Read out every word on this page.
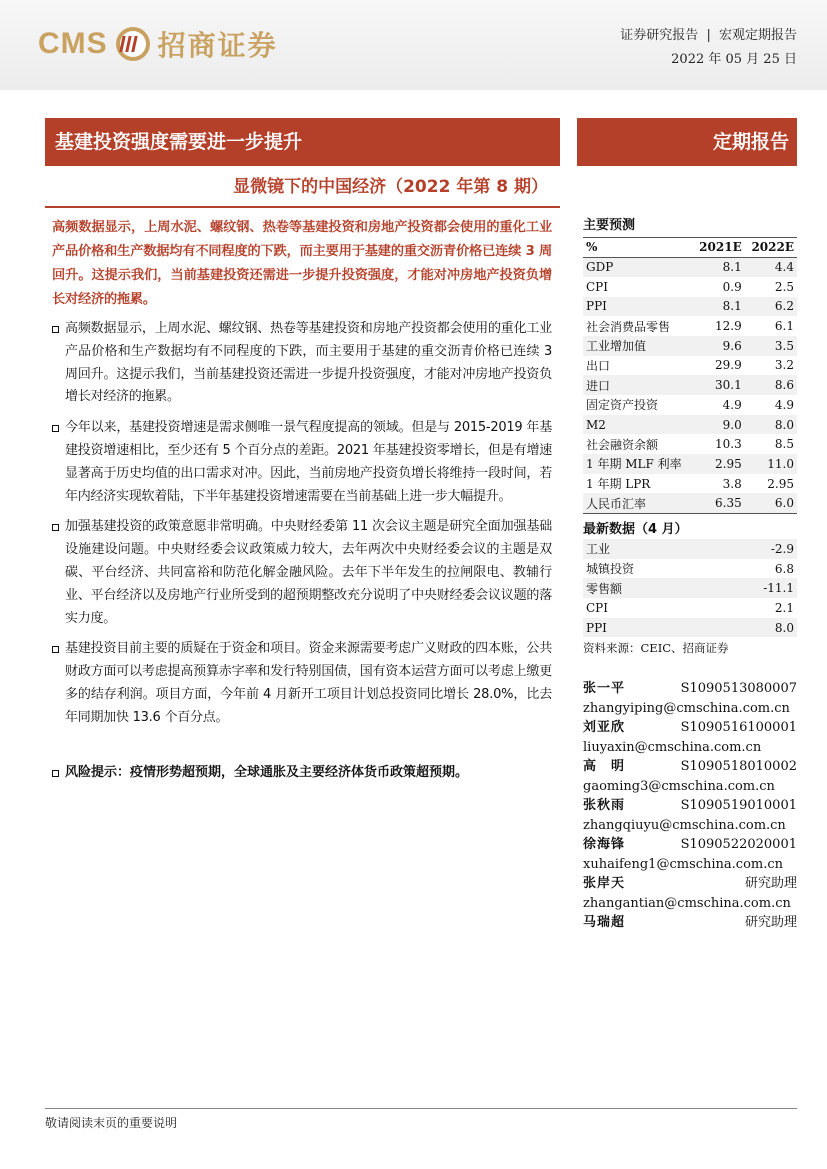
CMS 招商证券	证券研究报告 | 宏观定期报告
2022 年 05 月 25 日
基建投资强度需要进一步提升	定期报告
显微镜下的中国经济（2022 年第 8 期）
高频数据显示，上周水泥、螺纹钢、热卷等基建投资和房地产投资都会使用的重化工业产品价格和生产数据均有不同程度的下跌，而主要用于基建的重交沥青价格已连续 3 周回升。这提示我们，当前基建投资还需进一步提升投资强度，才能对冲房地产投资负增长对经济的拖累。
高频数据显示，上周水泥、螺纹钢、热卷等基建投资和房地产投资都会使用的重化工业产品价格和生产数据均有不同程度的下跌，而主要用于基建的重交沥青价格已连续 3 周回升。这提示我们，当前基建投资还需进一步提升投资强度，才能对冲房地产投资负增长对经济的拖累。
今年以来，基建投资增速是需求侧唯一景气程度提高的领域。但是与 2015-2019 年基建投资增速相比，至少还有 5 个百分点的差距。2021 年基建投资零增长，但是有增速显著高于历史均值的出口需求对冲。因此，当前房地产投资负增长将维持一段时间，若年内经济实现软着陆，下半年基建投资增速需要在当前基础上进一步大幅提升。
加强基建投资的政策意愿非常明确。中央财经委第 11 次会议主题是研究全面加强基础设施建设问题。中央财经委会议政策威力较大，去年两次中央财经委会议的主题是双碳、平台经济、共同富裕和防范化解金融风险。去年下半年发生的拉闸限电、教辅行业、平台经济以及房地产行业所受到的超预期整改充分说明了中央财经委会议议题的落实力度。
基建投资目前主要的质疑在于资金和项目。资金来源需要考虑广义财政的四本账，公共财政方面可以考虑提高预算赤字率和发行特别国债，国有资本运营方面可以考虑上缴更多的结存利润。项目方面，今年前 4 月新开工项目计划总投资同比增长 28.0%，比去年同期加快 13.6 个百分点。
风险提示：疫情形势超预期，全球通胀及主要经济体货币政策超预期。
主要预测
%	2021E	2022E
GDP	8.1	4.4
CPI	0.9	2.5
PPI	8.1	6.2
社会消费品零售	12.9	6.1
工业增加值	9.6	3.5
出口	29.9	3.2
进口	30.1	8.6
固定资产投资	4.9	4.9
M2	9.0	8.0
社会融资余额	10.3	8.5
1 年期 MLF 利率	2.95	11.0
1 年期 LPR	3.8	2.95
人民币汇率	6.35	6.0
最新数据（4 月）
工业	-2.9
城镇投资	6.8
零售额	-11.1
CPI	2.1
PPI	8.0
资料来源：CEIC、招商证券
张一平	S1090513080007
zhangyiping@cmschina.com.cn
刘亚欣	S1090516100001
liuyaxin@cmschina.com.cn
高　明	S1090518010002
gaoming3@cmschina.com.cn
张秋雨	S1090519010001
zhangqiuyu@cmschina.com.cn
徐海锋	S1090522020001
xuhaifeng1@cmschina.com.cn
张岸天	研究助理
zhangantian@cmschina.com.cn
马瑞超	研究助理
敬请阅读末页的重要说明
